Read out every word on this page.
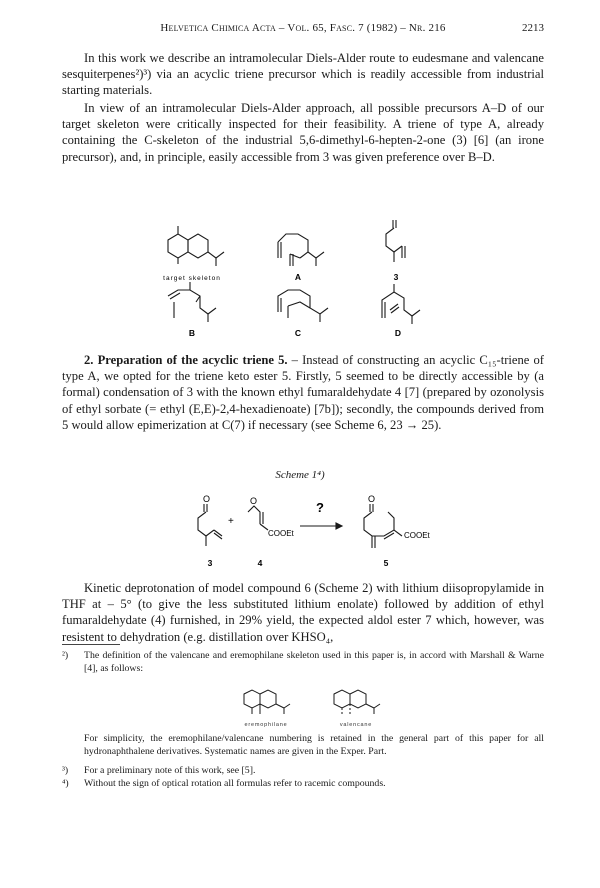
Helvetica Chimica Acta – Vol. 65, Fasc. 7 (1982) – Nr. 216	2213

In this work we describe an intramolecular Diels-Alder route to eudesmane and valencane sesquiterpenes²)³) via an acyclic triene precursor which is readily accessible from industrial starting materials.

In view of an intramolecular Diels-Alder approach, all possible precursors A–D of our target skeleton were critically inspected for their feasibility. A triene of type A, already containing the C-skeleton of the industrial 5,6-dimethyl-6-hepten-2-one (3) [6] (an irone precursor), and, in principle, easily accessible from 3 was given preference over B–D.

target skeleton	A	3
B	C	D

2. Preparation of the acyclic triene 5. – Instead of constructing an acyclic C₁₅-triene of type A, we opted for the triene keto ester 5. Firstly, 5 seemed to be directly accessible by (a formal) condensation of 3 with the known ethyl fumaraldehydate 4 [7] (prepared by ozonolysis of ethyl sorbate (= ethyl (E,E)-2,4-hexadienoate) [7b]); secondly, the compounds derived from 5 would allow epimerization at C(7) if necessary (see Scheme 6, 23 → 25).

Scheme 1⁴)
O
+
O
COOEt
?
O
COOEt
3	4	5

Kinetic deprotonation of model compound 6 (Scheme 2) with lithium diisopropylamide in THF at – 5° (to give the less substituted lithium enolate) followed by addition of ethyl fumaraldehydate (4) furnished, in 29% yield, the expected aldol ester 7 which, however, was resistent to dehydration (e.g. distillation over KHSO₄,

²)	The definition of the valencane and eremophilane skeleton used in this paper is, in accord with Marshall & Warne [4], as follows:
eremophilane	valencane
For simplicity, the eremophilane/valencane numbering is retained in the general part of this paper for all hydronaphthalene derivatives. Systematic names are given in the Exper. Part.
³)	For a preliminary note of this work, see [5].
⁴)	Without the sign of optical rotation all formulas refer to racemic compounds.
